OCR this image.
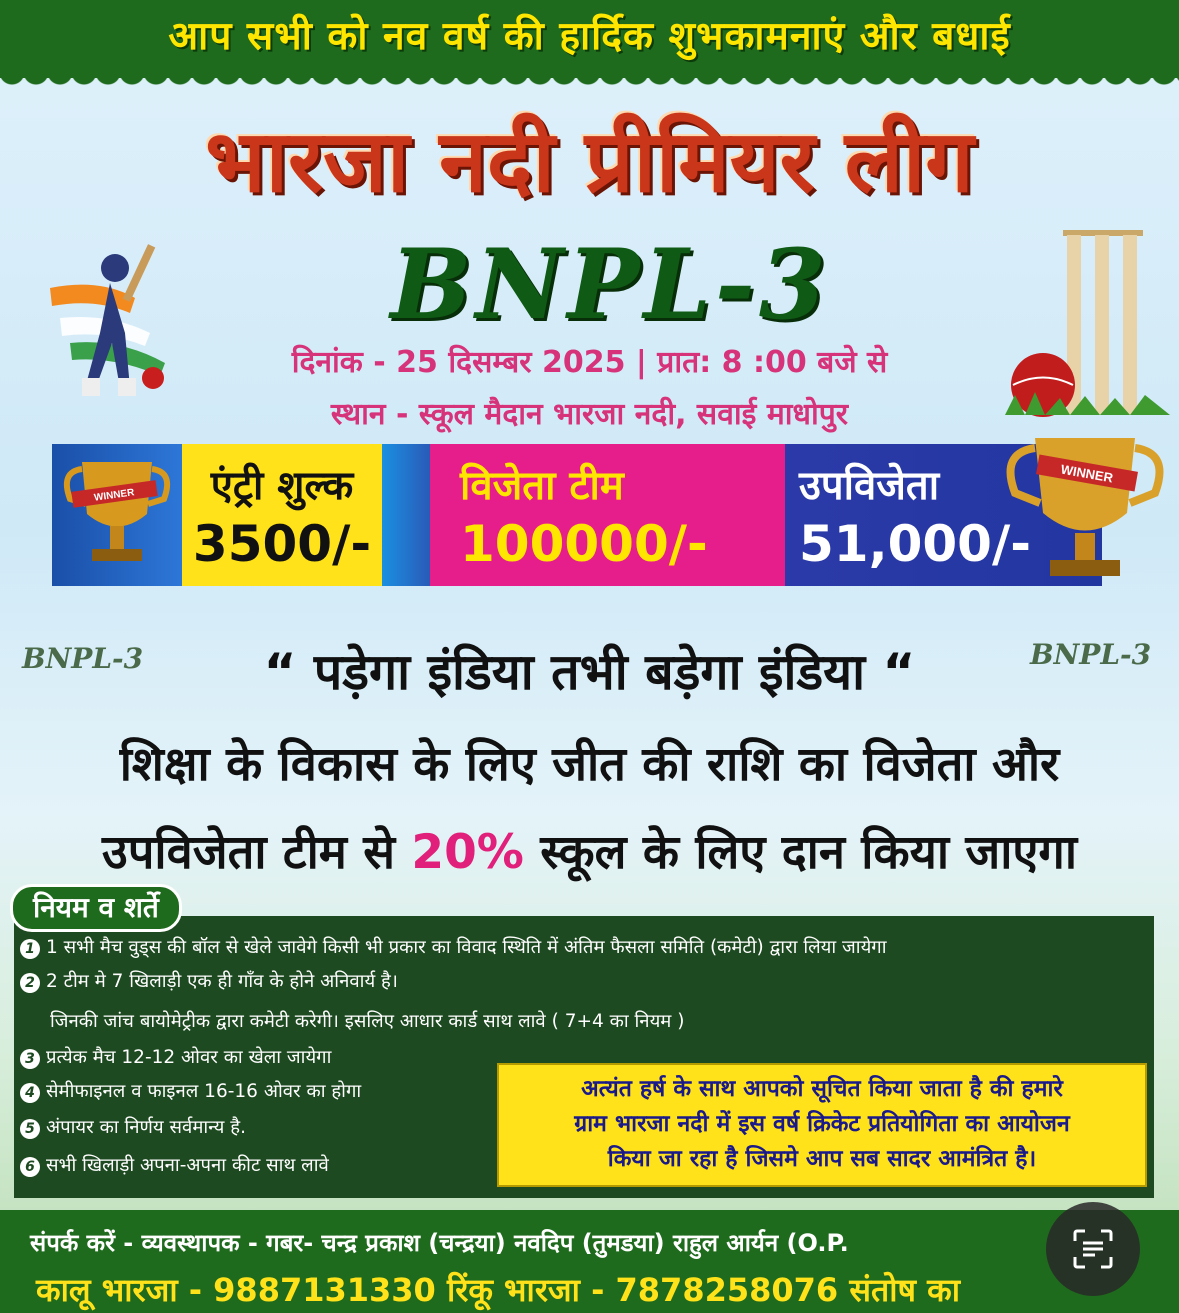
आप सभी को नव वर्ष की हार्दिक शुभकामनाएं और बधाई
भारजा नदी प्रीमियर लीग
BNPL-3
दिनांक - 25 दिसम्बर 2025 | प्रात: 8 :00 बजे से
स्थान - स्कूल मैदान भारजा नदी, सवाई माधोपुर
WINNER	एंट्री शुल्क
3500/-
विजेता टीम
100000/-
उपविजेता
51,000/-
WINNER
BNPL-3	BNPL-3
“ पड़ेगा इंडिया तभी बड़ेगा इंडिया “
शिक्षा के विकास के लिए जीत की राशि का विजेता और
उपविजेता टीम से 20% स्कूल के लिए दान किया जाएगा
नियम व शर्ते
1 1 सभी मैच वुड्स की बॉल से खेले जावेगे किसी भी प्रकार का विवाद स्थिति में अंतिम फैसला समिति (कमेटी) द्वारा लिया जायेगा
2 2 टीम मे 7 खिलाड़ी एक ही गाँव के होने अनिवार्य है।
जिनकी जांच बायोमेट्रीक द्वारा कमेटी करेगी। इसलिए आधार कार्ड साथ लावे ( 7+4 का नियम )
3 प्रत्येक मैच 12-12 ओवर का खेला जायेगा
4 सेमीफाइनल व फाइनल 16-16 ओवर का होगा
5 अंपायर का निर्णय सर्वमान्य है.
6 सभी खिलाड़ी अपना-अपना कीट साथ लावे
अत्यंत हर्ष के साथ आपको सूचित किया जाता है की हमारे
ग्राम भारजा नदी में इस वर्ष क्रिकेट प्रतियोगिता का आयोजन
किया जा रहा है जिसमे आप सब सादर आमंत्रित है।
संपर्क करें - व्यवस्थापक - गबर- चन्द्र प्रकाश (चन्द्रया) नवदिप (तुमडया) राहुल आर्यन (O.P.
कालू भारजा - 9887131330 रिंकू भारजा - 7878258076 संतोष का
